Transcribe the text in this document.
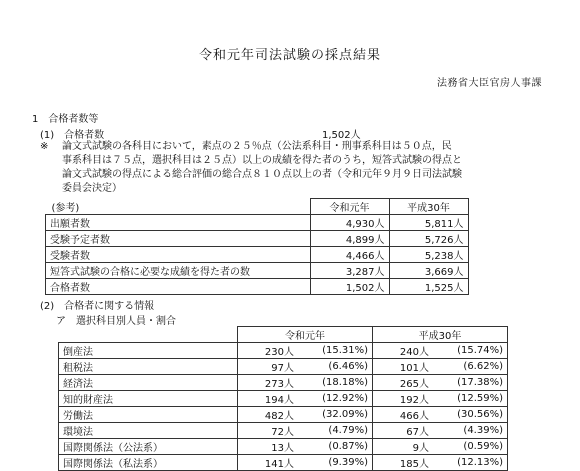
令和元年司法試験の採点結果
法務省大臣官房人事課
1　合格者数等
(1)　合格者数	1,502人
※ 論文式試験の各科目において，素点の２５％点（公法系科目・刑事系科目は５０点，民

事系科目は７５点，選択科目は２５点）以上の成績を得た者のうち，短答式試験の得点と

論文式試験の得点による総合評価の総合点８１０点以上の者（令和元年９月９日司法試験

委員会決定）

(参考)	令和元年	平成30年
出願者数	4,930人	5,811人
受験予定者数	4,899人	5,726人
受験者数	4,466人	5,238人
短答式試験の合格に必要な成績を得た者の数	3,287人	3,669人
合格者数	1,502人	1,525人
(2)　合格者に関する情報
ア　選択科目別人員・割合
	令和元年		平成30年	
倒産法	230人	(15.31%)	240人	(15.74%)
租税法	97人	(6.46%)	101人	(6.62%)
経済法	273人	(18.18%)	265人	(17.38%)
知的財産法	194人	(12.92%)	192人	(12.59%)
労働法	482人	(32.09%)	466人	(30.56%)
環境法	72人	(4.79%)	67人	(4.39%)
国際関係法（公法系）	13人	(0.87%)	9人	(0.59%)
国際関係法（私法系）	141人	(9.39%)	185人	(12.13%)
